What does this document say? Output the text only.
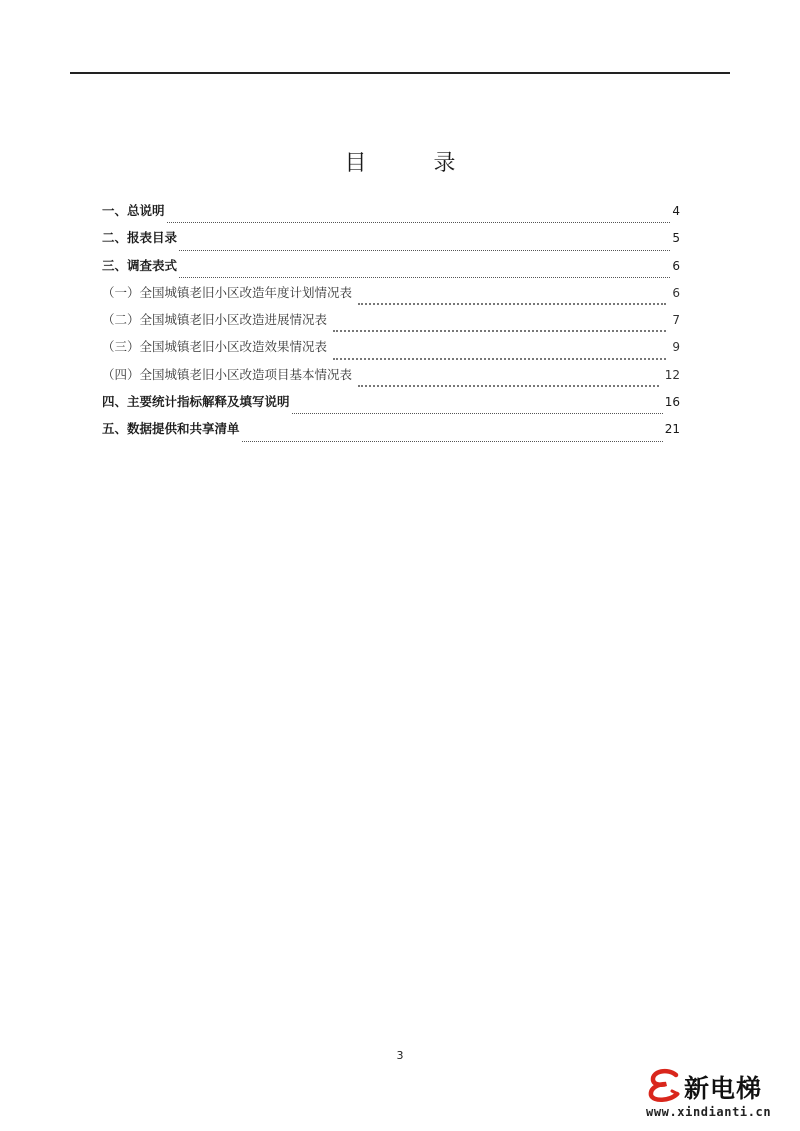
目 录
一、总说明	4
二、报表目录	5
三、调查表式	6
（一）全国城镇老旧小区改造年度计划情况表	6
（二）全国城镇老旧小区改造进展情况表	7
（三）全国城镇老旧小区改造效果情况表	9
（四）全国城镇老旧小区改造项目基本情况表	12
四、主要统计指标解释及填写说明	16
五、数据提供和共享清单	21
3
新电梯
www.xindianti.cn
